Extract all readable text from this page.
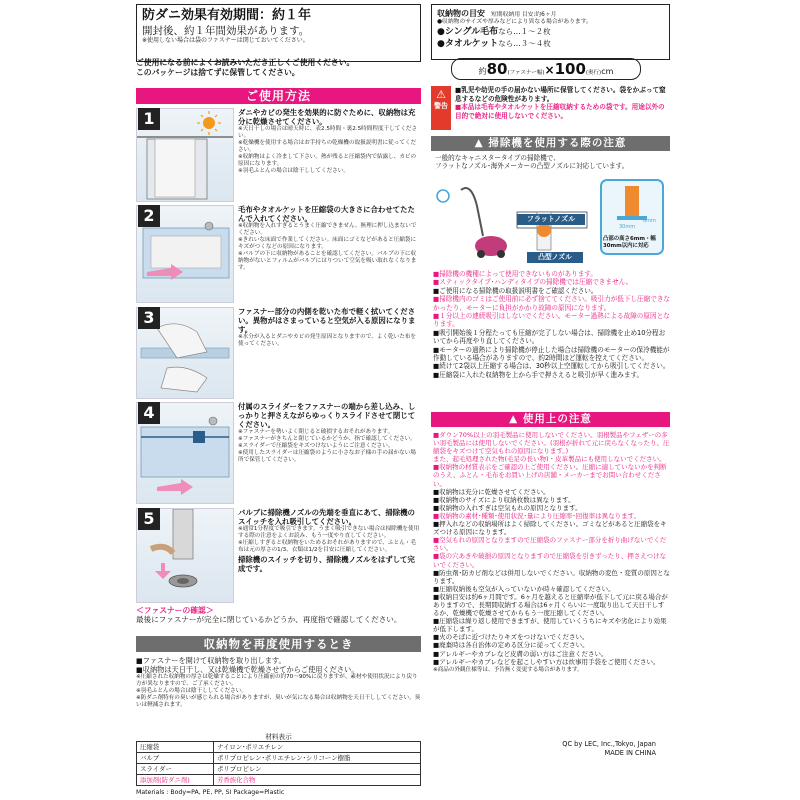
防ダニ効果有効期間：約１年
開封後、約１年間効果があります。
※使用しない場合は袋のファスナーは閉じておいてください。
ご使用になる前によくお読みいただき正しくご使用ください。
このパッケージは捨てずに保管してください。
ご使用方法
1	ダニやカビの発生を効果的に防ぐために、収納物は充分に乾燥させてください。
※天日干しの場合は晴天時に、表2.5時間・裏2.5時間程度干してください。
※乾燥機を使用する場合はお手持ちの乾燥機の取扱説明書に従ってください。
※収納物はよく冷まして下さい。熱が残ると圧縮袋内で結露し、カビの原因になります。
※羽毛ふとんの場合は陰干ししてください。
2	毛布やタオルケットを圧縮袋の大きさに合わせてたたんで入れてください。
※収納物を入れすぎるとうまく圧縮できません。無理に押し込まないでください。
※きれいな床面で作業してください。床面にゴミなどがあると圧縮袋にキズがつくなどの原因になります。
※バルブの下に収納物があることを確認してください。バルブの下に収納物がないとフィルムがバルブにはりついて空気を吸い取れなくなります。
3	ファスナー部分の内側を乾いた布で軽く拭いてください。異物がはさまっていると空気が入る原因になります。
※水分が入るとダニやカビの発生原因となりますので、よく乾いた布を使ってください。
4	付属のスライダーをファスナーの端から差し込み、しっかりと押さえながらゆっくりスライドさせて閉じてください。
※ファスナーを勢いよく閉じると破損するおそれがあります。
※ファスナーがきちんと閉じているかどうか、指で確認してください。
※スライダーで圧縮袋をキズつけないようにご注意ください。
※使用したスライダーは圧縮袋のように小さなお子様の手の届かない場所で保管してください。
5	バルブに掃除機ノズルの先端を垂直にあて、掃除機のスイッチを入れ吸引してください。
※通常1分程度で吸引できます。うまく吸引できない場合は掃除機を使用する際の注意をよくお読み、もう一度やり直してください。
※圧縮しすぎると収納物をいためるおそれがありますので、ふとん・毛布は元の厚さの1/3、衣類は1/2を目安に圧縮してください。
掃除機のスイッチを切り、掃除機ノズルをはずして完成です。
＜ファスナーの確認＞
最後にファスナーが完全に閉じているかどうか、再度指で確認してください。
収納物を再度使用するとき
■ファスナーを開けて収納物を取り出します。
■収納物は天日干し、又は乾燥機で乾燥させてからご使用ください。
※圧縮された収納物の厚さは乾燥することにより圧縮前の約70～90%に戻りますが、素材や使用状況により戻り方が異なりますので、ご了承ください。
※羽毛ふとんの場合は陰干ししてください。
※防ダニ剤特有の臭いが感じられる場合がありますが、臭いが気になる場合は収納物を天日干ししてください。臭いは軽減されます。
材料表示
圧縮袋	ナイロン･ポリエチレン
バルブ	ポリプロピレン･ポリエチレン･シリコーン樹脂
スライダー	ポリプロピレン
添加剤(防ダニ剤)	芳香族化合物
Materials : Body=PA, PE, PP, SI Package=Plastic
収納物の目安 短期収納用 目安:約6ヶ月
●収納物のサイズや厚みなどにより異なる場合があります。
●シングル毛布なら…１～２枚
●タオルケットなら…３～４枚
約80(ファスナー幅)×100(奥行)cm
⚠
警告
■乳児や幼児の手の届かない場所に保管してください。袋をかぶって窒息するなどの危険性があります。
■本品は毛布やタオルケットを圧縮収納するための袋です。用途以外の目的で絶対に使用しないでください。
▲ 掃除機を使用する際の注意
一般的なキャニスタータイプの掃除機で、
フラットなノズル･海外メーカーの凸型ノズルに対応しています。
フラットノズル
凸型ノズル
6mm
30mm
凸部の高さ6mm・幅30mm以内に対応
■掃除機の機種によって使用できないものがあります。
■スティックタイプ･ハンディタイプの掃除機では圧縮できません。
■ご使用になる掃除機の取扱説明書をご確認ください。
■掃除機内のゴミはご使用前に必ず捨ててください。吸引力が低下し圧縮できなかったり、モーターに負担がかかり故障の原因になります。
■１分以上の連続吸引はしないでください。モーター過熱による故障の原因となります。
■吸引開始後１分程たっても圧縮が完了しない場合は、掃除機を止め10分程おいてから再度やり直してください。
■モーターの過熱により掃除機が停止した場合は掃除機のモーターの保冷機能が作動している場合がありますので、約2時間ほど運転を控えてください。
■続けて2袋以上圧縮する場合は、30秒以上空運転してから吸引してください。
■圧縮袋に入れた収納物を上から手で押さえると吸引が早く進みます。
▲ 使用上の注意
■ダウン70%以上の羽毛製品に使用しないでください。羽根製品やフェザーの多い羽毛製品には使用しないでください。(羽根が折れて元に戻らなくなったり、圧縮袋をキズつけて空気もれの原因になります。)
また、起毛処理された物(毛足の長い物)・皮革製品にも使用しないでください。
■収納物の材質表示をご確認の上ご使用ください。圧縮に適していないかを判断のうえ、ふとん・毛布をお買い上げの店舗・メーカーまでお問い合わせください。
■収納物は充分に乾燥させてください。
■収納物のサイズにより収納枚数は異なります。
■収納物の入れすぎは空気もれの原因となります。
■収納物の素材･種類･使用状況･量により圧縮率･回復率は異なります。
■押入れなどの収納場所はよく掃除してください。ゴミなどがあると圧縮袋をキズつける原因になります。
■空気もれの原因となりますので圧縮袋のファスナー部分を折り曲げないでください。
■袋の穴あきや破損の原因となりますので圧縮袋を引きずったり、押さえつけないでください。
■防虫剤･防カビ剤などは併用しないでください。収納物の変色・変質の原因となります。
■圧縮収納後も空気が入っていないか時々確認してください。
■収納目安は約6ヶ月間です。6ヶ月を越えると圧縮率が低下して元に戻る場合がありますので、長期間収納する場合は6ヶ月くらいに一度取り出して天日干しするか、乾燥機で乾燥させてからもう一度圧縮してください。
■圧縮袋は繰り返し使用できますが、使用していくうちにキズや劣化により効果が低下します。
■火のそばに近づけたりキズをつけないでください。
■廃棄時は各自治体の定める区分に従ってください。
■アレルギーやカブレなど皮膚の弱い方はご注意ください。
■アレルギーやカブレなどを起こしやすい方は炊事用手袋をご使用ください。
※商品の外観仕様等は、予告無く変更する場合があります。
QC by LEC, Inc.,Tokyo, Japan
MADE IN CHINA
